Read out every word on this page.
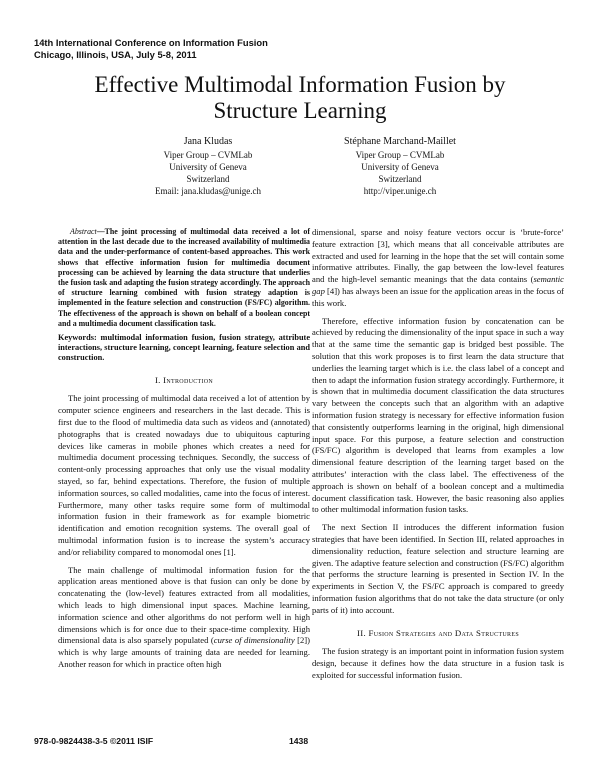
14th International Conference on Information Fusion
Chicago, Illinois, USA, July 5-8, 2011
Effective Multimodal Information Fusion by
Structure Learning
Jana Kludas
Viper Group – CVMLab
University of Geneva
Switzerland
Email: jana.kludas@unige.ch
Stéphane Marchand-Maillet
Viper Group – CVMLab
University of Geneva
Switzerland
http://viper.unige.ch

Abstract—The joint processing of multimodal data received a lot of attention in the last decade due to the increased availability of multimedia data and the under-performance of content-based approaches. This work shows that effective information fusion for multimedia document processing can be achieved by learning the data structure that underlies the fusion task and adapting the fusion strategy accordingly. The approach of structure learning combined with fusion strategy adaption is implemented in the feature selection and construction (FS/FC) algorithm. The effectiveness of the approach is shown on behalf of a boolean concept and a multimedia document classification task.

Keywords: multimodal information fusion, fusion strategy, attribute interactions, structure learning, concept learning, feature selection and construction.

I. Introduction

The joint processing of multimodal data received a lot of attention by computer science engineers and researchers in the last decade. This is first due to the flood of multimedia data such as videos and (annotated) photographs that is created nowadays due to ubiquitous capturing devices like cameras in mobile phones which creates a need for multimedia document processing techniques. Secondly, the success of content-only processing approaches that only use the visual modality stayed, so far, behind expectations. Therefore, the fusion of multiple information sources, so called modalities, came into the focus of interest. Furthermore, many other tasks require some form of multimodal information fusion in their framework as for example biometric identification and emotion recognition systems. The overall goal of multimodal information fusion is to increase the system’s accuracy and/or reliability compared to monomodal ones [1].

The main challenge of multimodal information fusion for the application areas mentioned above is that fusion can only be done by concatenating the (low-level) features extracted from all modalities, which leads to high dimensional input spaces. Machine learning, information science and other algorithms do not perform well in high dimensions which is for once due to their space-time complexity. High dimensional data is also sparsely populated (curse of dimensionality [2]) which is why large amounts of training data are needed for learning. Another reason for which in practice often high

dimensional, sparse and noisy feature vectors occur is ‘brute-force’ feature extraction [3], which means that all conceivable attributes are extracted and used for learning in the hope that the set will contain some informative attributes. Finally, the gap between the low-level features and the high-level semantic meanings that the data contains (semantic gap [4]) has always been an issue for the application areas in the focus of this work.

Therefore, effective information fusion by concatenation can be achieved by reducing the dimensionality of the input space in such a way that at the same time the semantic gap is bridged best possible. The solution that this work proposes is to first learn the data structure that underlies the learning target which is i.e. the class label of a concept and then to adapt the information fusion strategy accordingly. Furthermore, it is shown that in multimedia document classification the data structures vary between the concepts such that an algorithm with an adaptive information fusion strategy is necessary for effective information fusion that consistently outperforms learning in the original, high dimensional input space. For this purpose, a feature selection and construction (FS/FC) algorithm is developed that learns from examples a low dimensional feature description of the learning target based on the attributes’ interaction with the class label. The effectiveness of the approach is shown on behalf of a boolean concept and a multimedia document classification task. However, the basic reasoning also applies to other multimodal information fusion tasks.

The next Section II introduces the different information fusion strategies that have been identified. In Section III, related approaches in dimensionality reduction, feature selection and structure learning are given. The adaptive feature selection and construction (FS/FC) algorithm that performs the structure learning is presented in Section IV. In the experiments in Section V, the FS/FC approach is compared to greedy information fusion algorithms that do not take the data structure (or only parts of it) into account.

II. Fusion Strategies and Data Structures

The fusion strategy is an important point in information fusion system design, because it defines how the data structure in a fusion task is exploited for successful information fusion.

978-0-9824438-3-5 ©2011 ISIF	1438
